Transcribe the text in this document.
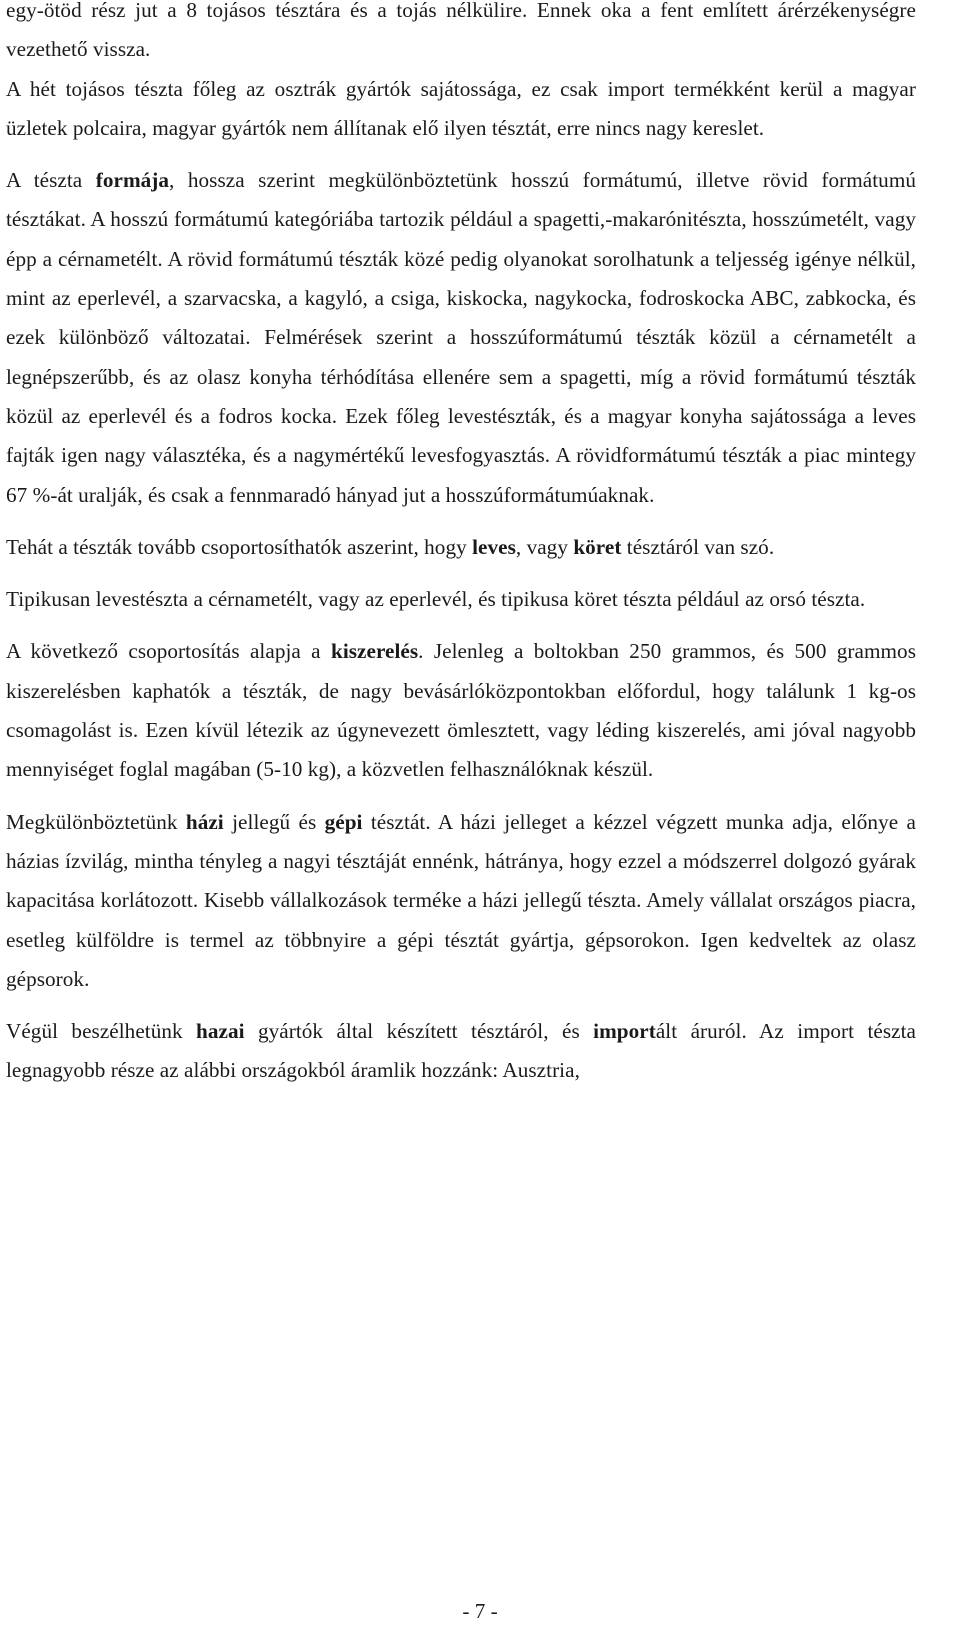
egy-ötöd rész jut a 8 tojásos tésztára és a tojás nélkülire. Ennek oka a fent említett árérzékenységre vezethető vissza.

A hét tojásos tészta főleg az osztrák gyártók sajátossága, ez csak import termékként kerül a magyar üzletek polcaira, magyar gyártók nem állítanak elő ilyen tésztát, erre nincs nagy kereslet.

A tészta formája, hossza szerint megkülönböztetünk hosszú formátumú, illetve rövid formátumú tésztákat. A hosszú formátumú kategóriába tartozik például a spagetti,-makarónitészta, hosszúmetélt, vagy épp a cérnametélt. A rövid formátumú tészták közé pedig olyanokat sorolhatunk a teljesség igénye nélkül, mint az eperlevél, a szarvacska, a kagyló, a csiga, kiskocka, nagykocka, fodroskocka ABC, zabkocka, és ezek különböző változatai. Felmérések szerint a hosszúformátumú tészták közül a cérnametélt a legnépszerűbb, és az olasz konyha térhódítása ellenére sem a spagetti, míg a rövid formátumú tészták közül az eperlevél és a fodros kocka. Ezek főleg levestészták, és a magyar konyha sajátossága a leves fajták igen nagy választéka, és a nagymértékű levesfogyasztás. A rövidformátumú tészták a piac mintegy 67 %-át uralják, és csak a fennmaradó hányad jut a hosszúformátumúaknak.

Tehát a tészták tovább csoportosíthatók aszerint, hogy leves, vagy köret tésztáról van szó.

Tipikusan levestészta a cérnametélt, vagy az eperlevél, és tipikusa köret tészta például az orsó tészta.

A következő csoportosítás alapja a kiszerelés. Jelenleg a boltokban 250 grammos, és 500 grammos kiszerelésben kaphatók a tészták, de nagy bevásárlóközpontokban előfordul, hogy találunk 1 kg-os csomagolást is. Ezen kívül létezik az úgynevezett ömlesztett, vagy léding kiszerelés, ami jóval nagyobb mennyiséget foglal magában (5-10 kg), a közvetlen felhasználóknak készül.

Megkülönböztetünk házi jellegű és gépi tésztát. A házi jelleget a kézzel végzett munka adja, előnye a házias ízvilág, mintha tényleg a nagyi tésztáját ennénk, hátránya, hogy ezzel a módszerrel dolgozó gyárak kapacitása korlátozott. Kisebb vállalkozások terméke a házi jellegű tészta. Amely vállalat országos piacra, esetleg külföldre is termel az többnyire a gépi tésztát gyártja, gépsorokon. Igen kedveltek az olasz gépsorok.

Végül beszélhetünk hazai gyártók által készített tésztáról, és importált áruról. Az import tészta legnagyobb része az alábbi országokból áramlik hozzánk: Ausztria,

- 7 -
